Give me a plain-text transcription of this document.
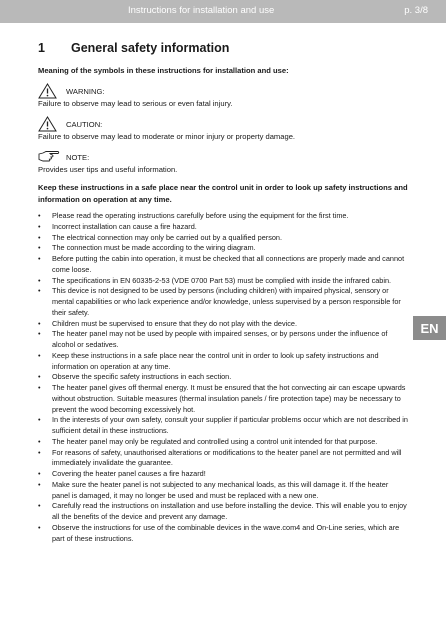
Instructions for installation and use	p. 3/8
1 General safety information

Meaning of the symbols in these instructions for installation and use:

WARNING:

Failure to observe may lead to serious or even fatal injury.

CAUTION:

Failure to observe may lead to moderate or minor injury or property damage.

NOTE:

Provides user tips and useful information.

Keep these instructions in a safe place near the control unit in order to look up safety instructions and information on operation at any time.

• Please read the operating instructions carefully before using the equipment for the first time.
• Incorrect installation can cause a fire hazard.
• The electrical connection may only be carried out by a qualified person.
• The connection must be made according to the wiring diagram.
• Before putting the cabin into operation, it must be checked that all connections are properly made and cannot come loose.
• The specifications in EN 60335-2-53 (VDE 0700 Part 53) must be complied with inside the infrared cabin.
• This device is not designed to be used by persons (including children) with impaired physical, sensory or mental capabilities or who lack experience and/or knowledge, unless supervised by a person responsible for their safety.
• Children must be supervised to ensure that they do not play with the device.
• The heater panel may not be used by people with impaired senses, or by persons under the influence of alcohol or sedatives.
• Keep these instructions in a safe place near the control unit in order to look up safety instructions and information on operation at any time.
• Observe the specific safety instructions in each section.
• The heater panel gives off thermal energy. It must be ensured that the hot convecting air can escape upwards without obstruction. Suitable measures (thermal insulation panels / fire protection tape) may be necessary to prevent the wood becoming excessively hot.
• In the interests of your own safety, consult your supplier if particular problems occur which are not described in sufficient detail in these instructions.
• The heater panel may only be regulated and controlled using a control unit intended for that purpose.
• For reasons of safety, unauthorised alterations or modifications to the heater panel are not permitted and will immediately invalidate the guarantee.
• Covering the heater panel causes a fire hazard!
• Make sure the heater panel is not subjected to any mechanical loads, as this will damage it. If the heater panel is damaged, it may no longer be used and must be replaced with a new one.
• Carefully read the instructions on installation and use before installing the device. This will enable you to enjoy all the benefits of the device and prevent any damage.
• Observe the instructions for use of the combinable devices in the wave.com4 and On-Line series, which are part of these instructions.
EN
